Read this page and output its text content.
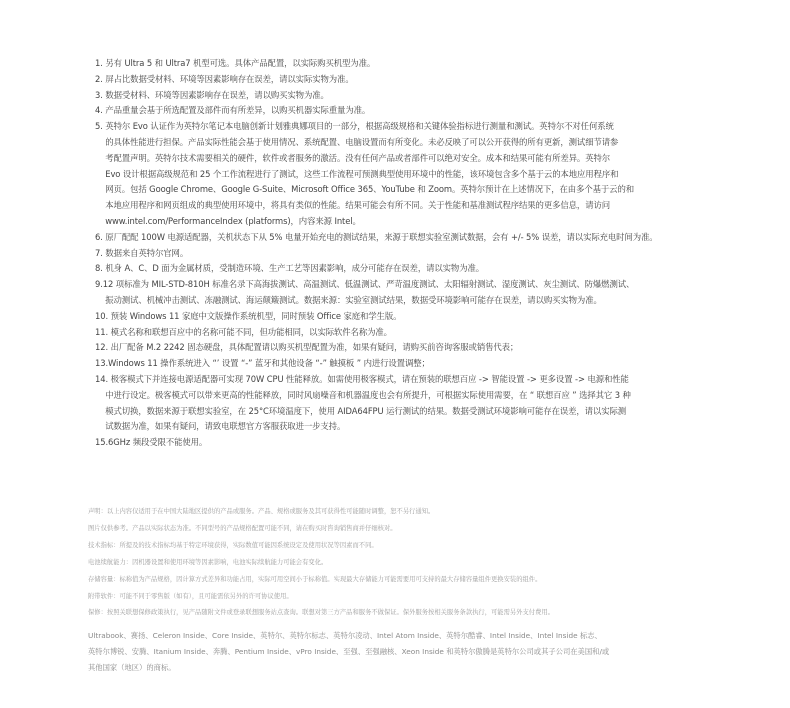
1. 另有 Ultra 5 和 Ultra7 机型可选。具体产品配置，以实际购买机型为准。
2. 屏占比数据受材料、环境等因素影响存在误差，请以实际实物为准。
3. 数据受材料、环境等因素影响存在误差，请以购买实物为准。
4. 产品重量会基于所选配置及部件而有所差异，以购买机器实际重量为准。
5. 英特尔 Evo 认证作为英特尔笔记本电脑创新计划雅典娜项目的一部分，根据高级规格和关键体验指标进行测量和测试。英特尔不对任何系统
的具体性能进行担保。产品实际性能会基于使用情况、系统配置、电脑设置而有所变化。未必反映了可以公开获得的所有更新，测试细节请参
考配置声明。英特尔技术需要相关的硬件，软件或者服务的激活。没有任何产品或者部件可以绝对安全。成本和结果可能有所差异。英特尔
Evo 设计根据高级规范和 25 个工作流程进行了测试，这些工作流程可预测典型使用环境中的性能，该环境包含多个基于云的本地应用程序和
网页。包括 Google Chrome、Google G-Suite、Microsoft Office 365、YouTube 和 Zoom。英特尔预计在上述情况下，在由多个基于云的和
本地应用程序和网页组成的典型使用环境中，将具有类似的性能。结果可能会有所不同。关于性能和基准测试程序结果的更多信息，请访问
www.intel.com/PerformanceIndex (platforms)，内容来源 Intel。
6. 原厂配配 100W 电源适配器，关机状态下从 5% 电量开始充电的测试结果，来源于联想实验室测试数据，会有 +/- 5% 误差，请以实际充电时间为准。
7. 数据来自英特尔官网。
8. 机身 A、C、D 面为金属材质，受制造环境、生产工艺等因素影响，成分可能存在误差，请以实物为准。
9.12 项标准为 MIL-STD-810H 标准名录下高海拔测试、高温测试、低温测试、严苛温度测试、太阳辐射测试、湿度测试、灰尘测试、防爆燃测试、
振动测试、机械冲击测试、冻融测试、海运颠簸测试。数据来源：实验室测试结果，数据受环境影响可能存在误差，请以购买实物为准。
10. 预装 Windows 11 家庭中文版操作系统机型，同时预装 Office 家庭和学生版。
11. 模式名称和联想百应中的名称可能不同，但功能相同，以实际软件名称为准。
12. 出厂配备 M.2 2242 固态硬盘，具体配置请以购买机型配置为准，如果有疑问，请购买前咨询客服或销售代表；
13.Windows 11 操作系统进入 “’ 设置 “-” 蓝牙和其他设备 “-” 触摸板 ” 内进行设置调整；
14. 极客模式下并连接电源适配器可实现 70W CPU 性能释放。如需使用极客模式，请在预装的联想百应 -> 智能设置 -> 更多设置 -> 电源和性能
中进行设定。极客模式可以带来更高的性能释放，同时风扇噪音和机器温度也会有所提升，可根据实际使用需要，在 “ 联想百应 ” 选择其它 3 种
模式切换，数据来源于联想实验室，在 25°C环境温度下，使用 AIDA64FPU 运行测试的结果。数据受测试环境影响可能存在误差，请以实际测
试数据为准，如果有疑问，请致电联想官方客服获取进一步支持。
15.6GHz 频段受限不能使用。
声明：以上内容仅适用于在中国大陆地区提供的产品或服务。产品、规格或服务及其可获得性可能随时调整，恕不另行通知。
图片仅供参考。产品以实际状态为准。不同型号的产品规格配置可能不同，请在购买时咨询销售商并仔细核对。
技术指标：所提及的技术指标均基于特定环境获得，实际数值可能因系统设定及使用状况等因素而不同。
电池续航能力：因机器设置和使用环境等因素影响，电池实际续航能力可能会有变化。
存储容量：标称值为产品规格，因计算方式差异和功能占用，实际可用空间小于标称值。实现最大存储能力可能需要用可支持的最大存储容量组件更换安装的组件。
附带软件：可能不同于零售版（如有），且可能需依另外的许可协议使用。
保修：按照关联想保修政策执行，见产品随附文件或登录联想服务站点查询。联想对第三方产品和服务不做保证。保外服务按相关服务条款执行，可能需另外支付费用。
Ultrabook、赛扬、Celeron Inside、Core Inside、英特尔、英特尔标志、英特尔凌动、Intel Atom Inside、英特尔酷睿、Intel Inside、Intel Inside 标志、
英特尔博锐、安腾、Itanium Inside、奔腾、Pentium Inside、vPro Inside、至强、至强融核、Xeon Inside 和英特尔傲腾是英特尔公司或其子公司在美国和/或
其他国家（地区）的商标。
